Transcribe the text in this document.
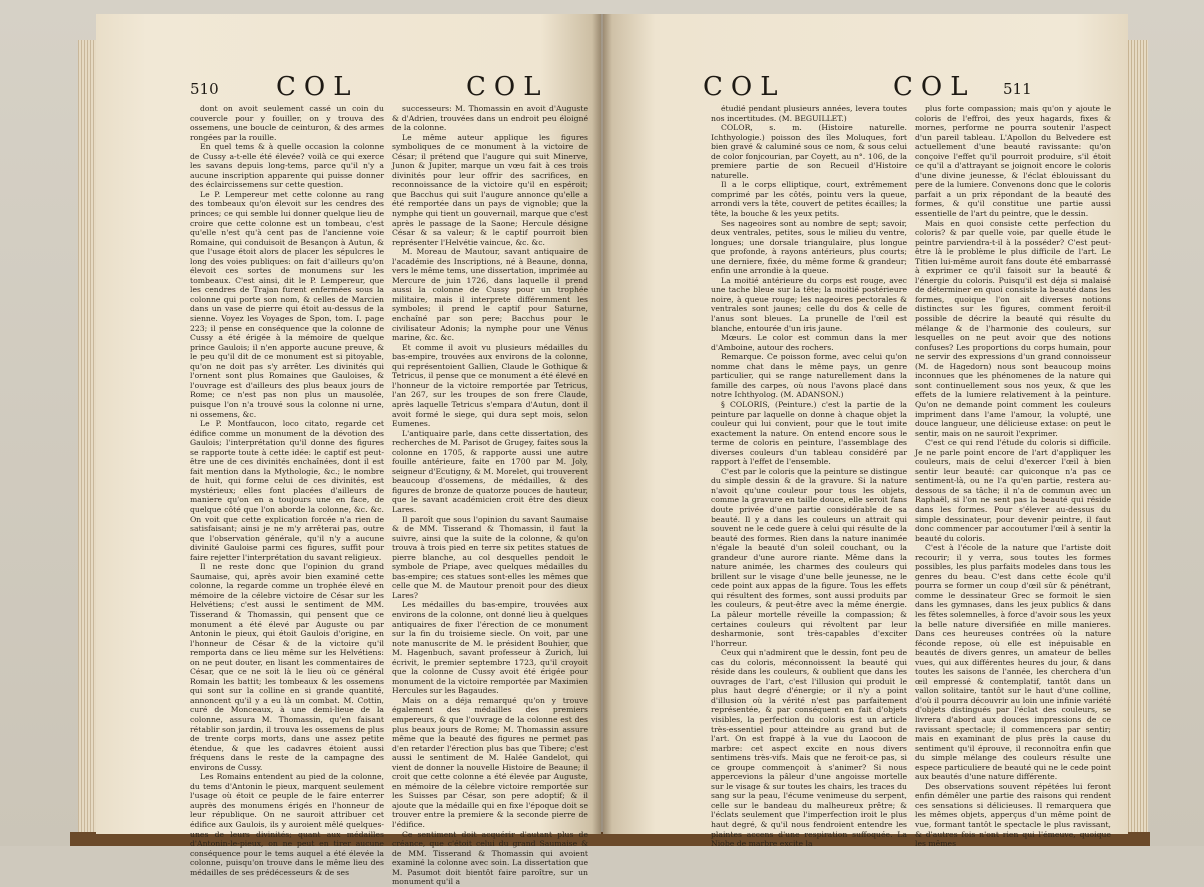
510 COL	COL

dont on avoit seulement cassé un coin du couvercle pour y fouiller, on y trouva des ossemens, une boucle de ceinturon, & des armes rongées par la rouille.

En quel tems & à quelle occasion la colonne de Cussy a-t-elle été élevée? voilà ce qui exerce les savans depuis long-tems, parce qu'il n'y a aucune inscription apparente qui puisse donner des éclaircissemens sur cette question.

Le P. Lempereur met cette colonne au rang des tombeaux qu'on élevoit sur les cendres des princes; ce qui semble lui donner quelque lieu de croire que cette colonne est un tombeau, c'est qu'elle n'est qu'à cent pas de l'ancienne voie Romaine, qui conduisoit de Besançon à Autun, & que l'usage étoit alors de placer les sépulcres le long des voies publiques: on fait d'ailleurs qu'on élevoit ces sortes de monumens sur les tombeaux. C'est ainsi, dit le P. Lempereur, que les cendres de Trajan furent enfermées sous la colonne qui porte son nom, & celles de Marcien dans un vase de pierre qui étoit au-dessus de la sienne. Voyez les Voyages de Spon, tom. I. page 223; il pense en conséquence que la colonne de Cussy a été érigée à la mémoire de quelque prince Gaulois; il n'en apporte aucune preuve, & le peu qu'il dit de ce monument est si pitoyable, qu'on ne doit pas s'y arrêter. Les divinités qui l'ornent sont plus Romaines que Gauloises, & l'ouvrage est d'ailleurs des plus beaux jours de Rome; ce n'est pas non plus un mausolée, puisque l'on n'a trouvé sous la colonne ni urne, ni ossemens, &c.

Le P. Montfaucon, loco citato, regarde cet édifice comme un monument de la dévotion des Gaulois; l'interprétation qu'il donne des figures se rapporte toute à cette idée: le captif est peut-être une de ces divinités enchaînées, dont il est fait mention dans la Mythologie, &c.; le nombre de huit, qui forme celui de ces divinités, est mystérieux; elles font placées d'ailleurs de maniere qu'on en a toujours une en face, de quelque côté que l'on aborde la colonne, &c. &c. On voit que cette explication forcée n'a rien de satisfaisant; ainsi je ne m'y arrêterai pas, outre que l'observation générale, qu'il n'y a aucune divinité Gauloise parmi ces figures, suffit pour faire rejetter l'interprétation du savant religieux.

Il ne reste donc que l'opinion du grand Saumaise, qui, après avoir bien examiné cette colonne, la regarde comme un trophée élevé en mémoire de la célebre victoire de César sur les Helvétiens; c'est aussi le sentiment de MM. Tisserand & Thomassin, qui pensent que ce monument a été élevé par Auguste ou par Antonin le pieux, qui étoit Gaulois d'origine, en l'honneur de César & de la victoire qu'il remporta dans ce lieu même sur les Helvétiens: on ne peut douter, en lisant les commentaires de César, que ce ne soit là le lieu où ce général Romain les battit; les tombeaux & les ossemens qui sont sur la colline en si grande quantité, annoncent qu'il y a eu là un combat. M. Cottin, curé de Monceaux, à une demi-lieue de la colonne, assura M. Thomassin, qu'en faisant rétablir son jardin, il trouva les ossemens de plus de trente corps morts, dans une assez petite étendue, & que les cadavres étoient aussi fréquens dans le reste de la campagne des environs de Cussy.

Les Romains entendent au pied de la colonne, du tems d'Antonin le pieux, marquent seulement l'usage où étoit ce peuple de le faire enterrer auprès des monumens érigés en l'honneur de leur république. On ne sauroit attribuer cet édifice aux Gaulois, ils y auroient mêlé quelques-unes de leurs divinités; quant aux médailles d'Antonin-le-pieux, on ne peut en tirer aucune conséquence pour le tems auquel a été élevée la colonne, puisqu'on trouve dans le même lieu des médailles de ses prédécesseurs & de ses

successeurs: M. Thomassin en avoit d'Auguste & d'Adrien, trouvées dans un endroit peu éloigné de la colonne.

Le même auteur applique les figures symboliques de ce monument à la victoire de César; il prétend que l'augure qui suit Minerve, Junon & Jupiter, marque un vœu fait à ces trois divinités pour leur offrir des sacrifices, en reconnoissance de la victoire qu'il en espéroit; que Bacchus qui suit l'augure annonce qu'elle a été remportée dans un pays de vignoble; que la nymphe qui tient un gouvernail, marque que c'est après le passage de la Saone; Hercule désigne César & sa valeur; & le captif pourroit bien représenter l'Helvétie vaincue, &c. &c.

M. Moreau de Mautour, savant antiquaire de l'académie des Inscriptions, né à Beaune, donna, vers le même tems, une dissertation, imprimée au Mercure de juin 1726, dans laquelle il prend aussi la colonne de Cussy pour un trophée militaire, mais il interprete différemment les symboles; il prend le captif pour Saturne, enchaîné par son pere; Bacchus pour le civilisateur Adonis; la nymphe pour une Vénus marine, &c. &c.

Et comme il avoit vu plusieurs médailles du bas-empire, trouvées aux environs de la colonne, qui représentoient Gallien, Claude le Gothique & Tetricus, il pense que ce monument a été élevé en l'honneur de la victoire remportée par Tetricus, l'an 267, sur les troupes de son frere Claude, après laquelle Tetricus s'empara d'Autun, dont il avoit formé le siege, qui dura sept mois, selon Eumenes.

L'antiquaire parle, dans cette dissertation, des recherches de M. Parisot de Grugey, faites sous la colonne en 1705, & rapporte aussi une autre fouille antérieure, faite en 1700 par M. Joly, seigneur d'Ecutigny, & M. Morelet, qui trouverent beaucoup d'ossemens, de médailles, & des figures de bronze de quatorze pouces de hauteur, que le savant académicien croit être des dieux Lares.

Il paroît que sous l'opinion du savant Saumaise & de MM. Tisserand & Thomassin, il faut la suivre, ainsi que la suite de la colonne, & qu'on trouva à trois pied en terre six petites statues de pierre blanche, au col desquelles pendoit le symbole de Priape, avec quelques médailles du bas-empire; ces statues sont-elles les mêmes que celle que M. de Mautour prenoit pour des dieux Lares?

Les médailles du bas-empire, trouvées aux environs de la colonne, ont donné lieu à quelques antiquaires de fixer l'érection de ce monument sur la fin du troisieme siecle. On voit, par une note manuscrite de M. le président Bouhier, que M. Hagenbuch, savant professeur à Zurich, lui écrivit, le premier septembre 1723, qu'il croyoit que la colonne de Cussy avoit été érigée pour monument de la victoire remportée par Maximien Hercules sur les Bagaudes.

Mais on a déja remarqué qu'on y trouve également des médailles des premiers empereurs, & que l'ouvrage de la colonne est des plus beaux jours de Rome; M. Thomassin assure même que la beauté des figures ne permet pas d'en retarder l'érection plus bas que Tibere; c'est aussi le sentiment de M. Halée Gandelot, qui vient de donner la nouvelle Histoire de Beaune; il croit que cette colonne a été élevée par Auguste, en mémoire de la célebre victoire remportée sur les Suisses par César, son pere adoptif; & il ajoute que la médaille qui en fixe l'époque doit se trouver entre la premiere & la seconde pierre de l'édifice.

Ce sentiment doit acquérir d'autant plus de créance, que c'étoit celui du grand Saumaise & de MM. Tisserand & Thomassin qui avoient examiné la colonne avec soin. La dissertation que M. Pasumot doit bientôt faire paroître, sur un monument qu'il a

COL	COL 511

étudié pendant plusieurs années, levera toutes nos incertitudes. (M. BEGUILLET.)

COLOR, s. m. (Histoire naturelle. Ichthyologie.) poisson des îles Moluques, fort bien gravé & caluminé sous ce nom, & sous celui de color fonjcourian, par Coyett, au n°. 106, de la premiere partie de son Recueil d'Histoire naturelle.

Il a le corps elliptique, court, extrêmement comprimé par les côtés, pointu vers la queue, arrondi vers la tête, couvert de petites écailles; la tête, la bouche & les yeux petits.

Ses nageoires sont au nombre de sept; savoir, deux ventrales, petites, sous le milieu du ventre, longues; une dorsale triangulaire, plus longue que profonde, à rayons antérieurs, plus courts; une derniere, fixée, du même forme & grandeur; enfin une arrondie à la queue.

La moitié antérieure du corps est rouge, avec une tache bleue sur la tête; la moitié postérieure noire, à queue rouge; les nageoires pectorales & ventrales sont jaunes; celle du dos & celle de l'anus sont bleues. La prunelle de l'œil est blanche, entourée d'un iris jaune.

Mœurs. Le color est commun dans la mer d'Amboine, autour des rochers.

Remarque. Ce poisson forme, avec celui qu'on nomme chat dans le même pays, un genre particulier, qui se range naturellement dans la famille des carpes, où nous l'avons placé dans notre Ichthyolog. (M. ADANSON.)

§ COLORIS, (Peinture.) c'est la partie de la peinture par laquelle on donne à chaque objet la couleur qui lui convient, pour que le tout imite exactement la nature. On entend encore sous le terme de coloris en peinture, l'assemblage des diverses couleurs d'un tableau considéré par rapport à l'effet de l'ensemble.

C'est par le coloris que la peinture se distingue du simple dessin & de la gravure. Si la nature n'avoit qu'une couleur pour tous les objets, comme la gravure en taille douce, elle seroit fans doute privée d'une partie considérable de sa beauté. Il y a dans les couleurs un attrait qui souvent ne le cede guere à celui qui résulte de la beauté des formes. Rien dans la nature inanimée n'égale la beauté d'un soleil couchant, ou la grandeur d'une aurore riante. Même dans la nature animée, les charmes des couleurs qui brillent sur le visage d'une belle jeunesse, ne le cede point aux appas de la figure. Tous les effets qui résultent des formes, sont aussi produits par les couleurs, & peut-être avec la même énergie. La pâleur mortelle réveille la compassion; & certaines couleurs qui révoltent par leur desharmonie, sont très-capables d'exciter l'horreur.

Ceux qui n'admirent que le dessin, font peu de cas du coloris, méconnoissent la beauté qui réside dans les couleurs, & oublient que dans les ouvrages de l'art, c'est l'illusion qui produit le plus haut degré d'énergie; or il n'y a point d'illusion où la vérité n'est pas parfaitement représentée, & par conséquent en fait d'objets visibles, la perfection du coloris est un article très-essentiel pour atteindre au grand but de l'art. On est frappé à la vue du Laocoon de marbre: cet aspect excite en nous divers sentimens très-vifs. Mais que ne feroit-ce pas, si ce groupe commençoit à s'animer? Si nous appercevions la pâleur d'une angoisse mortelle sur le visage & sur toutes les chairs, les traces du sang sur la peau, l'écume venimeuse du serpent, celle sur le bandeau du malheureux prêtre; & l'éclats seulement que l'imperfection iroit le plus haut degré, & qu'il nous fendroient entendre les plaintes accens d'une respiration suffoquée. La Niobe de marbre excite la

plus forte compassion; mais qu'on y ajoute le coloris de l'effroi, des yeux hagards, fixes & mornes, performe ne pourra soutenir l'aspect d'un pareil tableau. L'Apollon du Belvedere est actuellement d'une beauté ravissante: qu'on conçoive l'effet qu'il pourroit produire, s'il étoit ce qu'il a d'attrayant se joignoit encore le coloris d'une divine jeunesse, & l'éclat éblouissant du pere de la lumiere. Convenons donc que le coloris parfait a un prix répondant de la beauté des formes, & qu'il constitue une partie aussi essentielle de l'art du peintre, que le dessin.

Mais en quoi consiste cette perfection du coloris? & par quelle voie, par quelle étude le peintre parviendra-t-il à la posséder? C'est peut-être là le problème le plus difficile de l'art. Le Titien lui-même auroit fans doute été embarrassé à exprimer ce qu'il faisoit sur la beauté & l'énergie du coloris. Puisqu'il est déja si malaisé de déterminer en quoi consiste la beauté dans les formes, quoique l'on ait diverses notions distinctes sur les figures, comment feroit-il possible de décrire la beauté qui résulte du mélange & de l'harmonie des couleurs, sur lesquelles on ne peut avoir que des notions confuses? Les proportions du corps humain, pour ne servir des expressions d'un grand connoisseur (M. de Hagedorn) nous sont beaucoup moins inconnues que les phénomenes de la nature qui sont continuellement sous nos yeux, & que les effets de la lumiere relativement à la peinture. Qu'on ne demande point comment les couleurs impriment dans l'ame l'amour, la volupté, une douce langueur, une délicieuse extase: on peut le sentir, mais on ne sauroit l'exprimer.

C'est ce qui rend l'étude du coloris si difficile. Je ne parle point encore de l'art d'appliquer les couleurs, mais de celui d'exercer l'œil à bien sentir leur beauté: car quiconque n'a pas ce sentiment-là, ou ne l'a qu'en partie, restera au-dessous de sa tâche; il n'a de commun avec un Raphaël, si l'on ne sent pas la beauté qui réside dans les formes. Pour s'élever au-dessus du simple dessinateur, pour devenir peintre, il faut donc commencer par accoutumer l'œil à sentir la beauté du coloris.

C'est à l'école de la nature que l'artiste doit recourir; il y verra, sous toutes les formes possibles, les plus parfaits modeles dans tous les genres du beau. C'est dans cette école qu'il pourra se former un coup d'œil sûr & pénétrant, comme le dessinateur Grec se formoit le sien dans les gymnases, dans les jeux publics & dans les fêtes solemnelles, à force d'avoir sous les yeux la belle nature diversifiée en mille manieres. Dans ces heureuses contrées où la nature féconde repose, où elle est inépuisable en beautés de divers genres, un amateur de belles vues, qui aux différentes heures du jour, & dans toutes les saisons de l'année, les cherchera d'un œil empressé & contemplatif, tantôt dans un vallon solitaire, tantôt sur le haut d'une colline, d'où il pourra découvrir au loin une infinie variété d'objets distingués par l'éclat des couleurs, se livrera d'abord aux douces impressions de ce ravissant spectacle; il commencera par sentir; mais en examinant de plus près la cause du sentiment qu'il éprouve, il reconnoîtra enfin que du simple mélange des couleurs résulte une espece particuliere de beauté qui ne le cede point aux beautés d'une nature différente.

Des observations souvent répétées lui feront enfin démêler une partie des raisons qui rendent ces sensations si délicieuses. Il remarquera que les mêmes objets, apperçus d'un même point de vue, formant tantôt le spectacle le plus ravissant, & d'autres fois n'ont rien qui l'émeuve, quoique les mêmes
